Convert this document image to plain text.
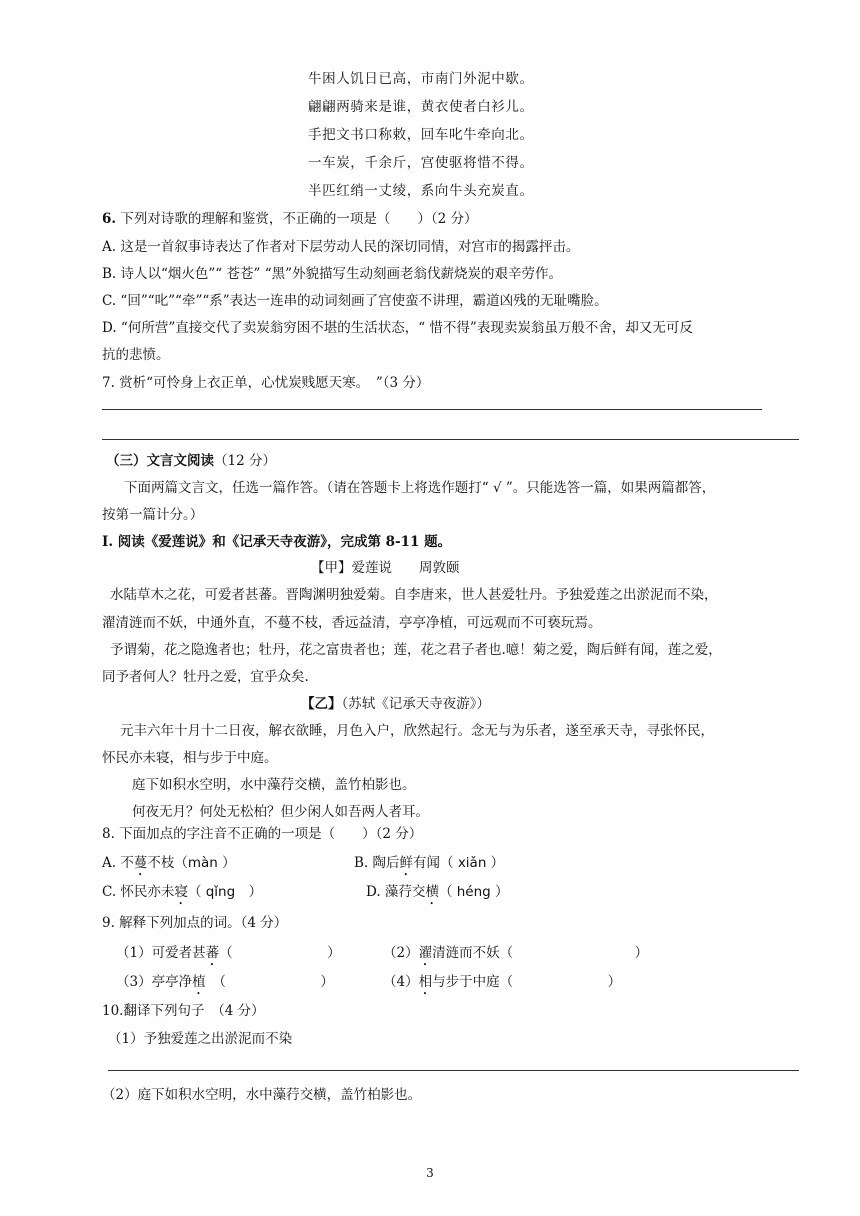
牛困人饥日已高，市南门外泥中歇。
翩翩两骑来是谁，黄衣使者白衫儿。
手把文书口称敕，回车叱牛牵向北。
一车炭，千余斤，宫使驱将惜不得。
半匹红绡一丈绫，系向牛头充炭直。
6. 下列对诗歌的理解和鉴赏，不正确的一项是（　　）（2 分）
A. 这是一首叙事诗表达了作者对下层劳动人民的深切同情，对宫市的揭露抨击。
B. 诗人以“烟火色”“ 苍苍” “黑”外貌描写生动刻画老翁伐薪烧炭的艰辛劳作。
C. “回”“叱”“牵”“系”表达一连串的动词刻画了宫使蛮不讲理，霸道凶残的无耻嘴脸。
D. “何所营”直接交代了卖炭翁穷困不堪的生活状态，“ 惜不得”表现卖炭翁虽万般不舍，却又无可反
抗的悲愤。
7. 赏析“可怜身上衣正单，心忧炭贱愿天寒。　”（3 分）
（三）文言文阅读（12 分）
下面两篇文言文，任选一篇作答。（请在答题卡上将选作题打“ √ ”。只能选答一篇，如果两篇都答，
按第一篇计分。）
I. 阅读《爱莲说》和《记承天寺夜游》，完成第 8-11 题。
【甲】爱莲说　　周敦颐
水陆草木之花，可爱者甚蕃。晋陶渊明独爱菊。自李唐来，世人甚爱牡丹。予独爱莲之出淤泥而不染，
濯清涟而不妖，中通外直，不蔓不枝，香远益清，亭亭净植，可远观而不可亵玩焉。
予谓菊，花之隐逸者也；牡丹，花之富贵者也；莲，花之君子者也.噫！菊之爱，陶后鲜有闻，莲之爱，
同予者何人？牡丹之爱，宜乎众矣.
【乙】（苏轼《记承天寺夜游》）
元丰六年十月十二日夜，解衣欲睡，月色入户，欣然起行。念无与为乐者，遂至承天寺，寻张怀民，
怀民亦未寝，相与步于中庭。
庭下如积水空明，水中藻荇交横，盖竹柏影也。
何夜无月？何处无松柏？但少闲人如吾两人者耳。
8. 下面加点的字注音不正确的一项是（　　）（2 分）
A. 不蔓不枝（màn ）	B. 陶后鲜有闻（ xiǎn ）
C. 怀民亦未寝（ qǐng　）	D. 藻荇交横（ héng ）
9. 解释下列加点的词。（4 分）
（1）可爱者甚蕃（　　　　　　　）	（2）濯清涟而不妖（　　　　　　　　　）
（3）亭亭净植　（　　　　　　　）	（4）相与步于中庭（　　　　　　　）
10.翻译下列句子　（4 分）
（1）予独爱莲之出淤泥而不染
（2）庭下如积水空明，水中藻荇交横，盖竹柏影也。
3
